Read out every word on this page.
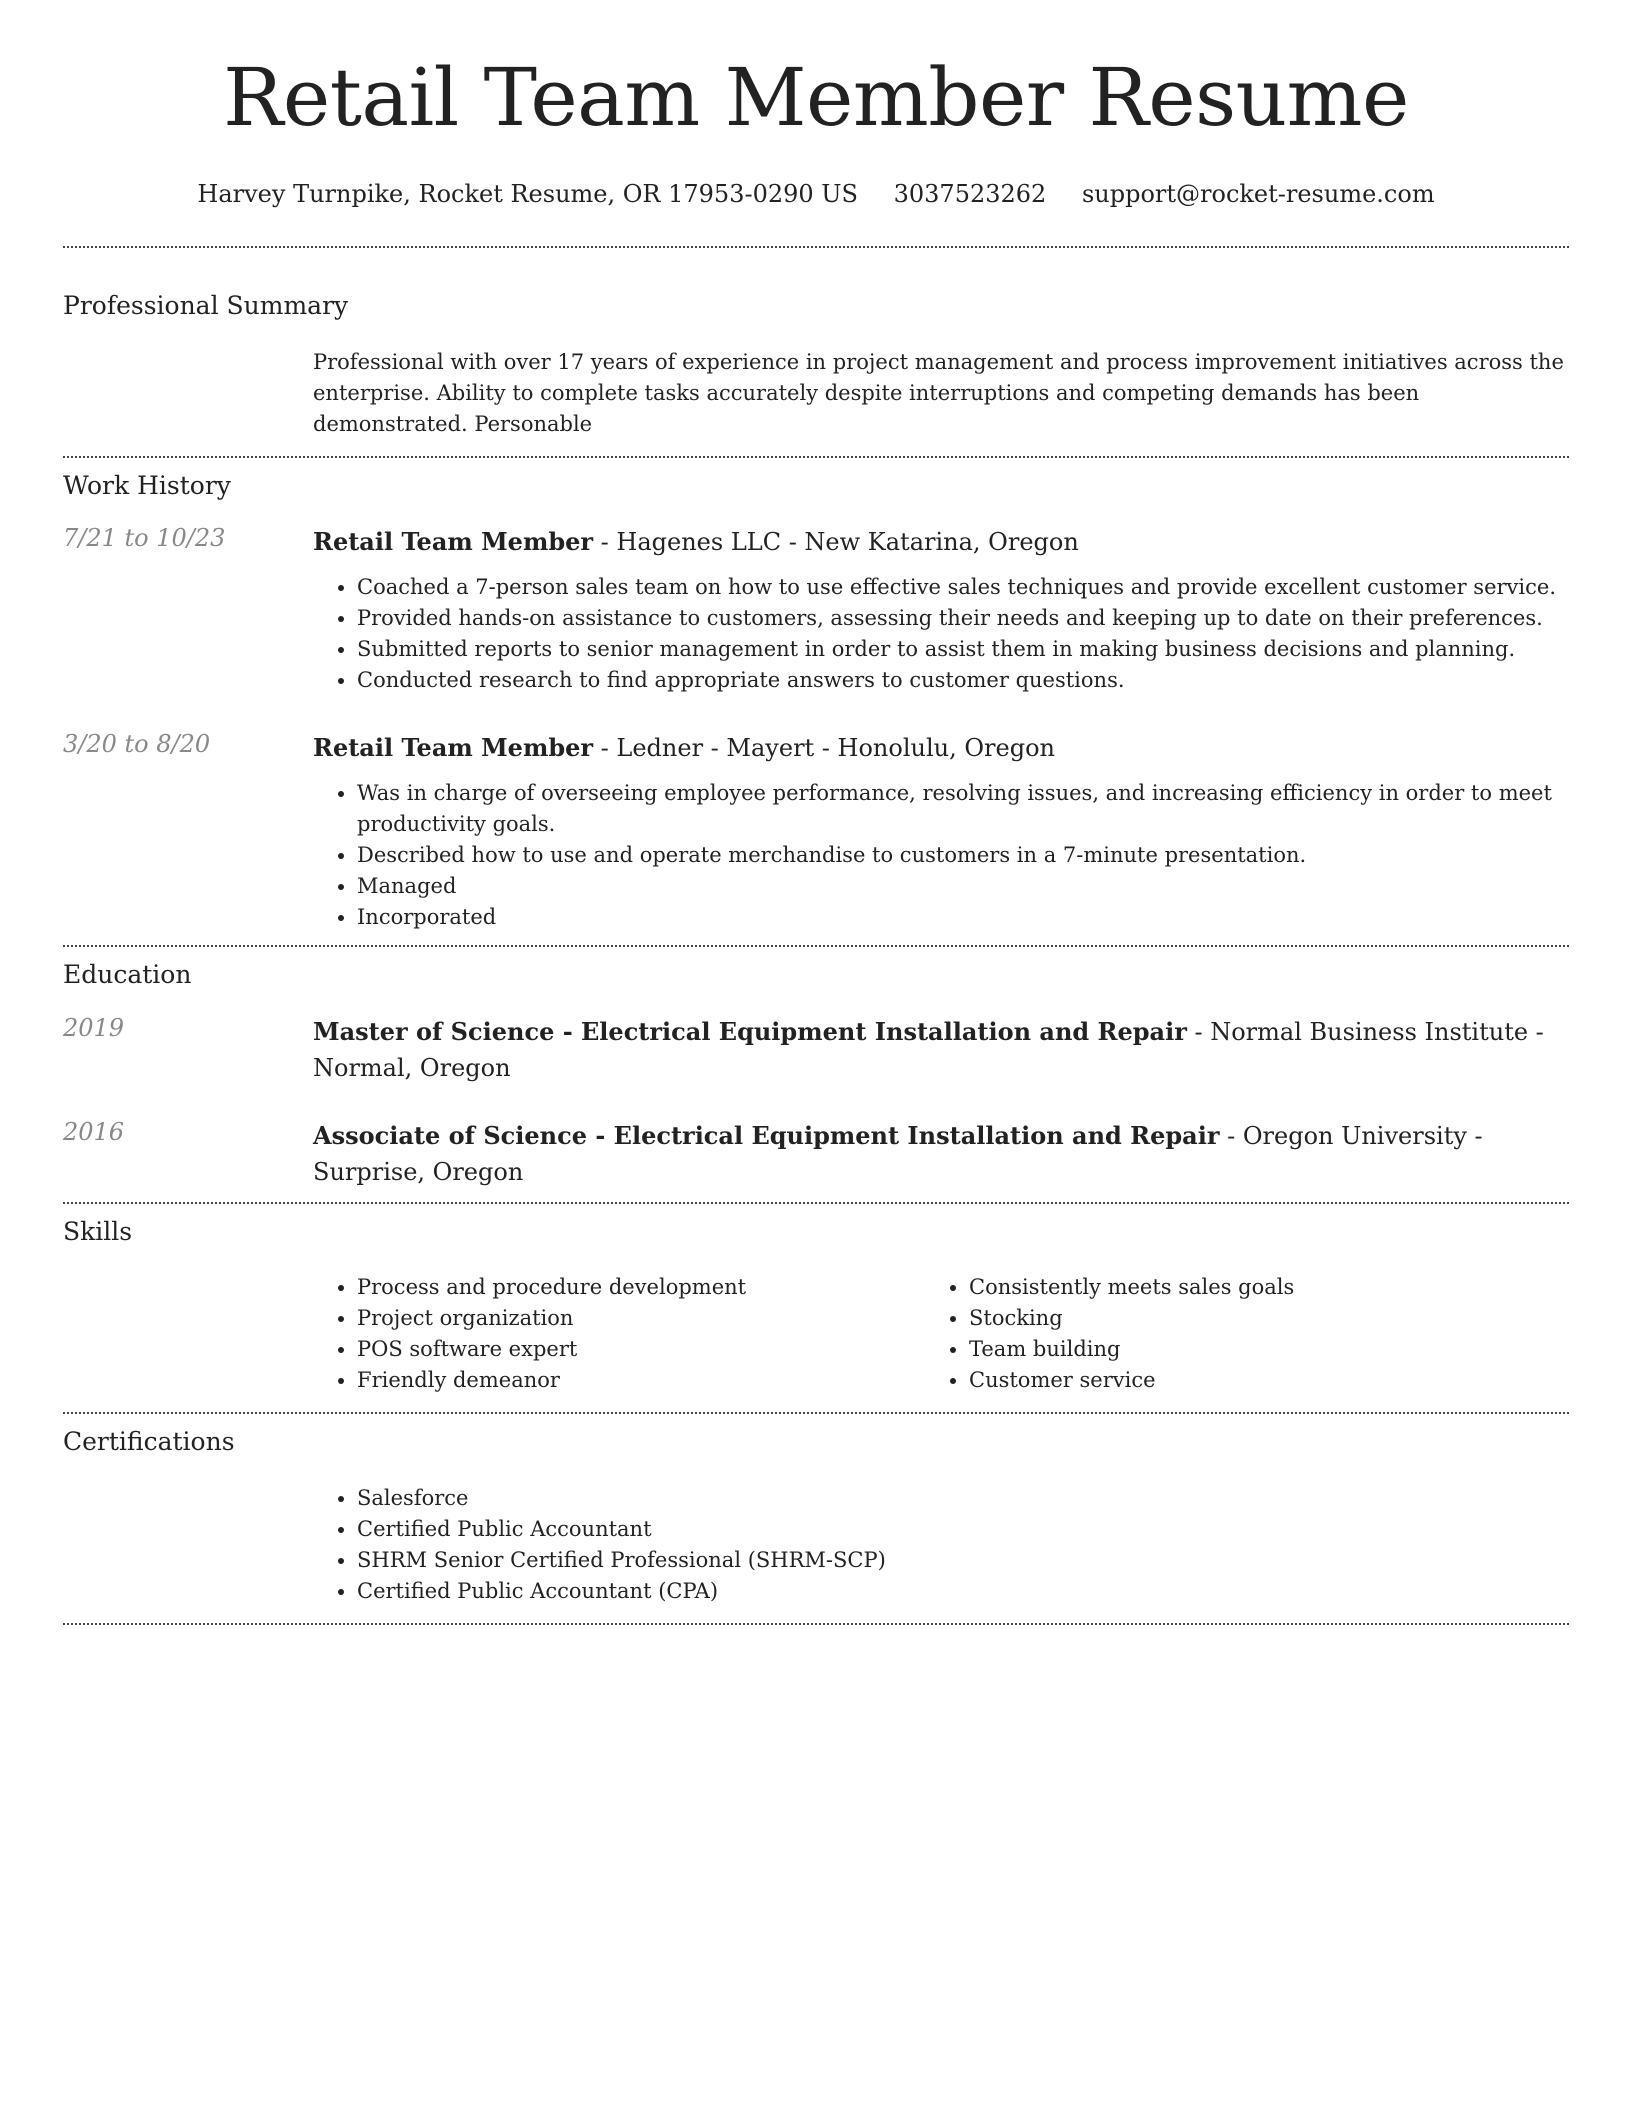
Retail Team Member Resume
Harvey Turnpike, Rocket Resume, OR 17953-0290 US 3037523262 support@rocket-resume.com
Professional Summary
Professional with over 17 years of experience in project management and process improvement initiatives across the enterprise. Ability to complete tasks accurately despite interruptions and competing demands has been demonstrated. Personable
Work History
7/21 to 10/23	Retail Team Member - Hagenes LLC - New Katarina, Oregon
• Coached a 7-person sales team on how to use effective sales techniques and provide excellent customer service.
• Provided hands-on assistance to customers, assessing their needs and keeping up to date on their preferences.
• Submitted reports to senior management in order to assist them in making business decisions and planning.
• Conducted research to find appropriate answers to customer questions.
3/20 to 8/20	Retail Team Member - Ledner - Mayert - Honolulu, Oregon
• Was in charge of overseeing employee performance, resolving issues, and increasing efficiency in order to meet productivity goals.
• Described how to use and operate merchandise to customers in a 7-minute presentation.
• Managed
• Incorporated
Education
2019	Master of Science - Electrical Equipment Installation and Repair - Normal Business Institute - Normal, Oregon
2016	Associate of Science - Electrical Equipment Installation and Repair - Oregon University - Surprise, Oregon
Skills
• Process and procedure development
• Project organization
• POS software expert
• Friendly demeanor
• Consistently meets sales goals
• Stocking
• Team building
• Customer service
Certifications
• Salesforce
• Certified Public Accountant
• SHRM Senior Certified Professional (SHRM-SCP)
• Certified Public Accountant (CPA)
